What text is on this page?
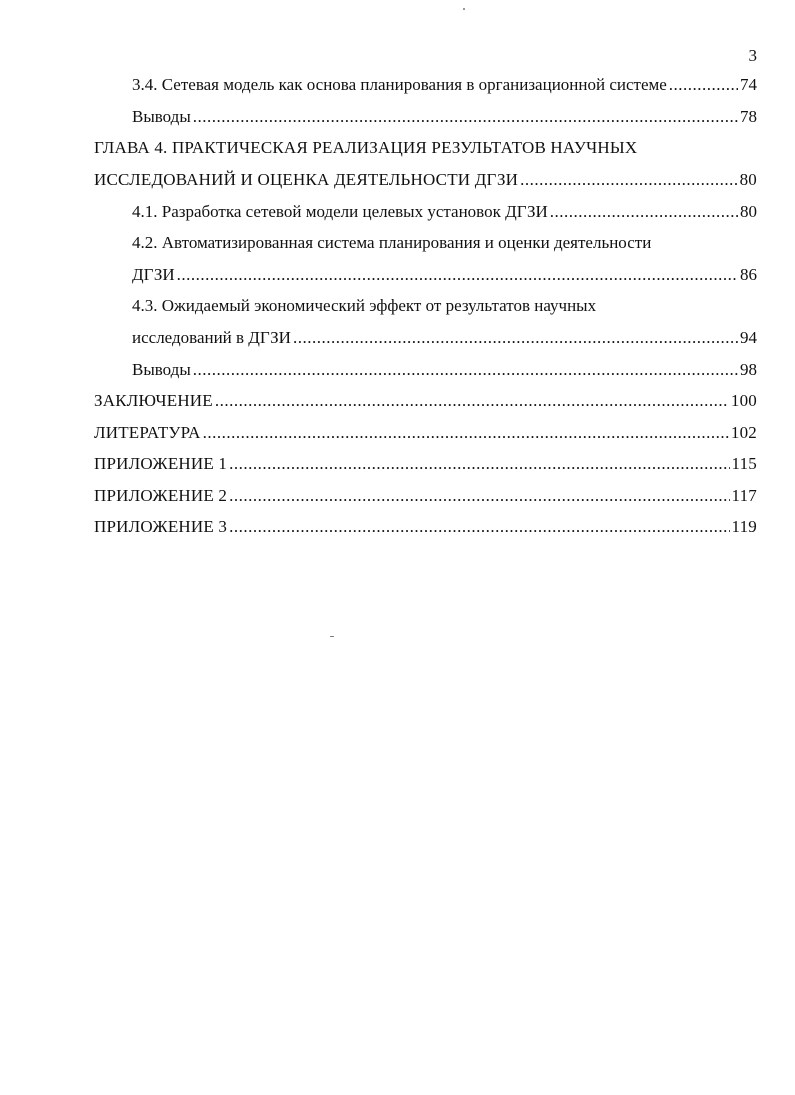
3
3.4. Сетевая модель как основа планирования в организационной системе .....	74
Выводы .....	78
ГЛАВА 4. ПРАКТИЧЕСКАЯ РЕАЛИЗАЦИЯ РЕЗУЛЬТАТОВ НАУЧНЫХ
ИССЛЕДОВАНИЙ И ОЦЕНКА ДЕЯТЕЛЬНОСТИ ДГЗИ .....	80
4.1. Разработка сетевой модели целевых установок ДГЗИ .....	80
4.2. Автоматизированная система планирования и оценки деятельности
ДГЗИ .....	86
4.3. Ожидаемый экономический эффект от результатов научных
исследований в ДГЗИ .....	94
Выводы .....	98
ЗАКЛЮЧЕНИЕ .....	100
ЛИТЕРАТУРА .....	102
ПРИЛОЖЕНИЕ 1 .....	115
ПРИЛОЖЕНИЕ 2 .....	117
ПРИЛОЖЕНИЕ 3 .....	119
